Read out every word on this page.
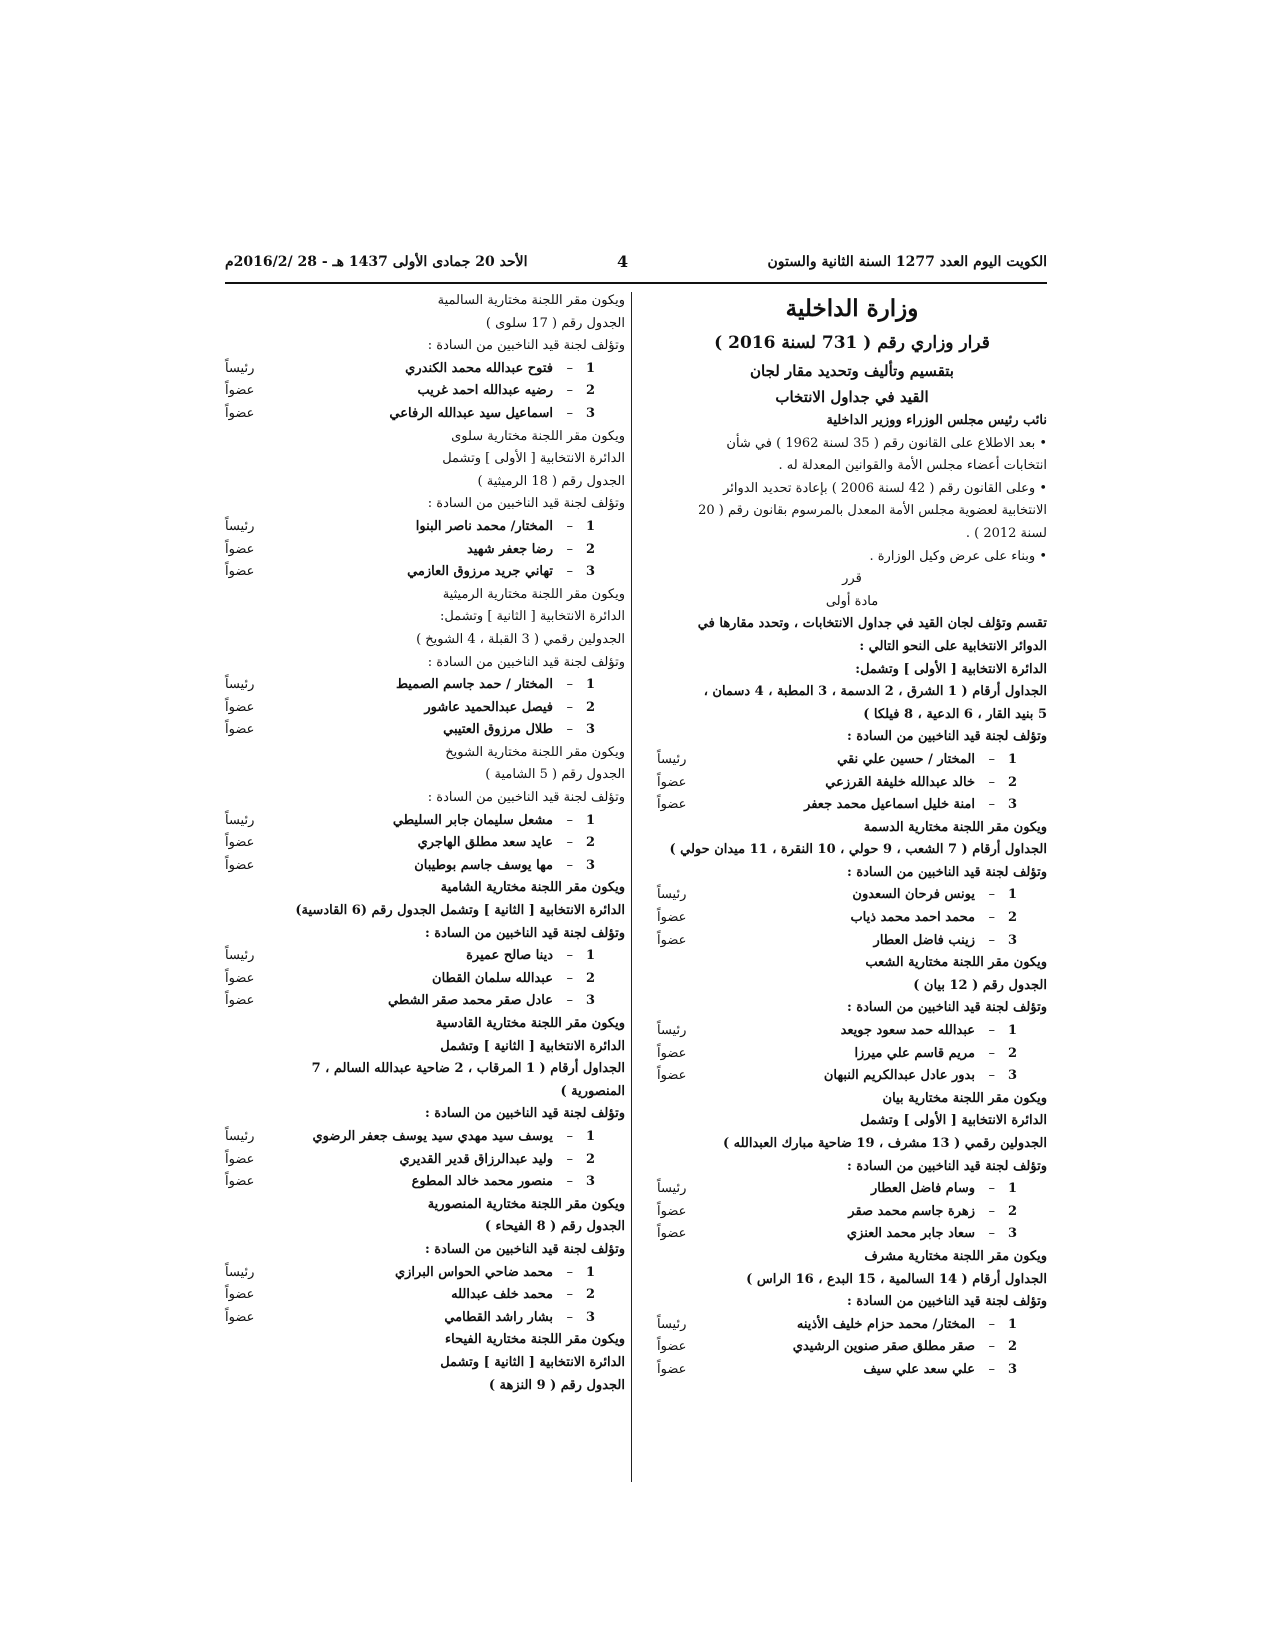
الكويت اليوم العدد 1277 السنة الثانية والستون
4
الأحد 20 جمادى الأولى 1437 هـ - 28 /2016/2م
وزارة الداخلية
قرار وزاري رقم ( 731 لسنة 2016 )
بتقسيم وتأليف وتحديد مقار لجان
القيد في جداول الانتخاب
نائب رئيس مجلس الوزراء ووزير الداخلية
• بعد الاطلاع على القانون رقم ( 35 لسنة 1962 ) في شأن
انتخابات أعضاء مجلس الأمة والقوانين المعدلة له .
• وعلى القانون رقم ( 42 لسنة 2006 ) بإعادة تحديد الدوائر
الانتخابية لعضوية مجلس الأمة المعدل بالمرسوم بقانون رقم ( 20
لسنة 2012 ) .
• وبناء على عرض وكيل الوزارة .
قرر
مادة أولى
تقسم وتؤلف لجان القيد في جداول الانتخابات ، وتحدد مقارها في
الدوائر الانتخابية على النحو التالي :
الدائرة الانتخابية [ الأولى ] وتشمل:
الجداول أرقام ( 1 الشرق ، 2 الدسمة ، 3 المطبة ، 4 دسمان ،
5 بنيد القار ، 6 الدعية ، 8 فيلكا )
وتؤلف لجنة قيد الناخبين من السادة :
1
–
المختار / حسين علي نقي
رئيساً
2
–
خالد عبدالله خليفة القرزعي
عضواً
3
–
امنة خليل اسماعيل محمد جعفر
عضواً
ويكون مقر اللجنة مختارية الدسمة
الجداول أرقام ( 7 الشعب ، 9 حولي ، 10 النقرة ، 11 ميدان حولي )
وتؤلف لجنة قيد الناخبين من السادة :
1
–
يونس فرحان السعدون
رئيساً
2
–
محمد احمد محمد ذياب
عضواً
3
–
زينب فاضل العطار
عضواً
ويكون مقر اللجنة مختارية الشعب
الجدول رقم ( 12 بيان )
وتؤلف لجنة قيد الناخبين من السادة :
1
–
عبدالله حمد سعود جويعد
رئيساً
2
–
مريم قاسم علي ميرزا
عضواً
3
–
بدور عادل عبدالكريم النبهان
عضواً
ويكون مقر اللجنة مختارية بيان
الدائرة الانتخابية [ الأولى ] وتشمل
الجدولين رقمي ( 13 مشرف ، 19 ضاحية مبارك العبدالله )
وتؤلف لجنة قيد الناخبين من السادة :
1
–
وسام فاضل العطار
رئيساً
2
–
زهرة جاسم محمد صقر
عضواً
3
–
سعاد جابر محمد العنزي
عضواً
ويكون مقر اللجنة مختارية مشرف
الجداول أرقام ( 14 السالمية ، 15 البدع ، 16 الراس )
وتؤلف لجنة قيد الناخبين من السادة :
1
–
المختار/ محمد حزام خليف الأذينه
رئيساً
2
–
صقر مطلق صقر صنوين الرشيدي
عضواً
3
–
علي سعد علي سيف
عضواً
ويكون مقر اللجنة مختارية السالمية
الجدول رقم ( 17 سلوى )
وتؤلف لجنة قيد الناخبين من السادة :
1
–
فتوح عبدالله محمد الكندري
رئيساً
2
–
رضيه عبدالله احمد غريب
عضواً
3
–
اسماعيل سيد عبدالله الرفاعي
عضواً
ويكون مقر اللجنة مختارية سلوى
الدائرة الانتخابية [ الأولى ] وتشمل
الجدول رقم ( 18 الرميثية )
وتؤلف لجنة قيد الناخبين من السادة :
1
–
المختار/ محمد ناصر البنوا
رئيساً
2
–
رضا جعفر شهيد
عضواً
3
–
تهاني جريد مرزوق العازمي
عضواً
ويكون مقر اللجنة مختارية الرميثية
الدائرة الانتخابية [ الثانية ] وتشمل:
الجدولين رقمي ( 3 القبلة ، 4 الشويخ )
وتؤلف لجنة قيد الناخبين من السادة :
1
–
المختار / حمد جاسم الصميط
رئيساً
2
–
فيصل عبدالحميد عاشور
عضواً
3
–
طلال مرزوق العتيبي
عضواً
ويكون مقر اللجنة مختارية الشويخ
الجدول رقم ( 5 الشامية )
وتؤلف لجنة قيد الناخبين من السادة :
1
–
مشعل سليمان جابر السليطي
رئيساً
2
–
عايد سعد مطلق الهاجري
عضواً
3
–
مها يوسف جاسم بوطيبان
عضواً
ويكون مقر اللجنة مختارية الشامية
الدائرة الانتخابية [ الثانية ] وتشمل الجدول رقم (6 القادسية)
وتؤلف لجنة قيد الناخبين من السادة :
1
–
دينا صالح عميرة
رئيساً
2
–
عبدالله سلمان القطان
عضواً
3
–
عادل صقر محمد صقر الشطي
عضواً
ويكون مقر اللجنة مختارية القادسية
الدائرة الانتخابية [ الثانية ] وتشمل
الجداول أرقام ( 1 المرقاب ، 2 ضاحية عبدالله السالم ، 7
المنصورية )
وتؤلف لجنة قيد الناخبين من السادة :
1
–
يوسف سيد مهدي سيد يوسف جعفر الرضوي
رئيساً
2
–
وليد عبدالرزاق قدير القديري
عضواً
3
–
منصور محمد خالد المطوع
عضواً
ويكون مقر اللجنة مختارية المنصورية
الجدول رقم ( 8 الفيحاء )
وتؤلف لجنة قيد الناخبين من السادة :
1
–
محمد ضاحي الحواس البرازي
رئيساً
2
–
محمد خلف عبدالله
عضواً
3
–
بشار راشد القطامي
عضواً
ويكون مقر اللجنة مختارية الفيحاء
الدائرة الانتخابية [ الثانية ] وتشمل
الجدول رقم ( 9 النزهة )
